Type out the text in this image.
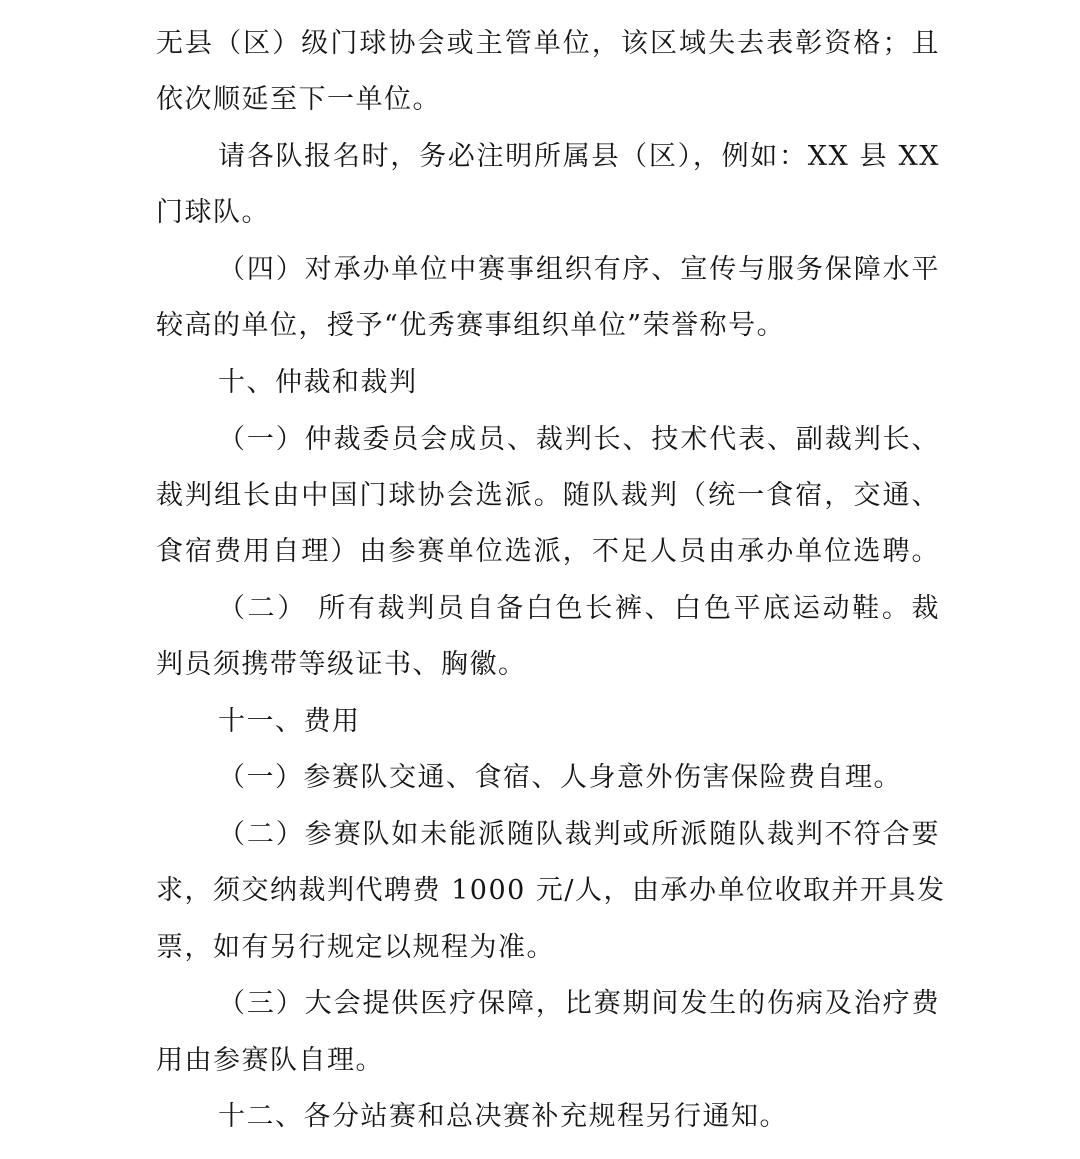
无县（区）级门球协会或主管单位，该区域失去表彰资格；且
依次顺延至下一单位。
请各队报名时，务必注明所属县（区），例如：XX 县 XX
门球队。
（四）对承办单位中赛事组织有序、宣传与服务保障水平
较高的单位，授予“优秀赛事组织单位”荣誉称号。
十、仲裁和裁判
（一）仲裁委员会成员、裁判长、技术代表、副裁判长、
裁判组长由中国门球协会选派。随队裁判（统一食宿，交通、
食宿费用自理）由参赛单位选派，不足人员由承办单位选聘。
（二） 所有裁判员自备白色长裤、白色平底运动鞋。裁
判员须携带等级证书、胸徽。
十一、费用
（一）参赛队交通、食宿、人身意外伤害保险费自理。
（二）参赛队如未能派随队裁判或所派随队裁判不符合要
求，须交纳裁判代聘费 1000 元/人，由承办单位收取并开具发
票，如有另行规定以规程为准。
（三）大会提供医疗保障，比赛期间发生的伤病及治疗费
用由参赛队自理。
十二、各分站赛和总决赛补充规程另行通知。
